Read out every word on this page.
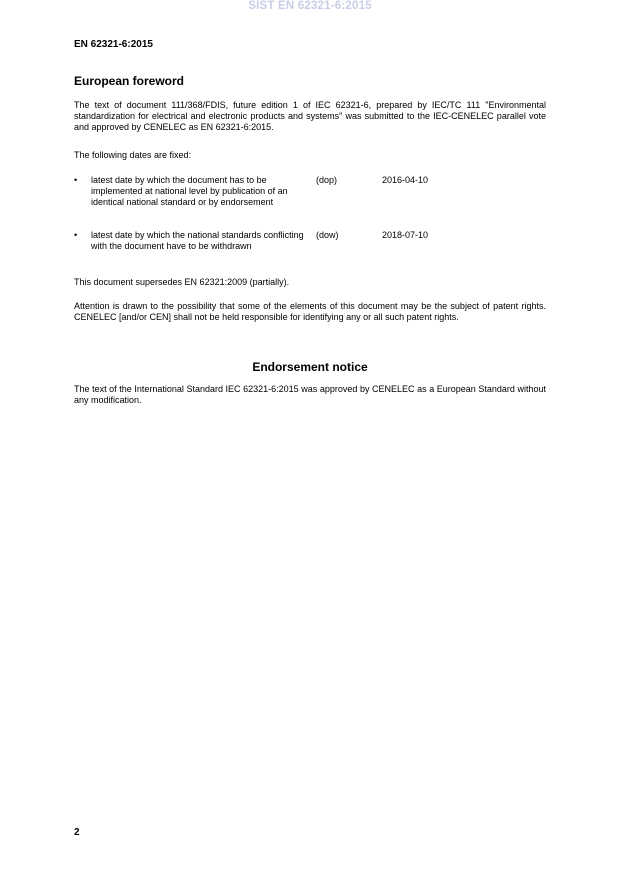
SIST EN 62321-6:2015
EN 62321-6:2015
European foreword
The text of document 111/368/FDIS, future edition 1 of IEC 62321-6, prepared by IEC/TC 111 "Environmental standardization for electrical and electronic products and systems" was submitted to the IEC-CENELEC parallel vote and approved by CENELEC as EN 62321-6:2015.
The following dates are fixed:
• latest date by which the document has to be implemented at national level by publication of an identical national standard or by endorsement
(dop)	2016-04-10
• latest date by which the national standards conflicting with the document have to be withdrawn
(dow)	2018-07-10
This document supersedes EN 62321:2009 (partially).
Attention is drawn to the possibility that some of the elements of this document may be the subject of patent rights. CENELEC [and/or CEN] shall not be held responsible for identifying any or all such patent rights.
Endorsement notice
The text of the International Standard IEC 62321-6:2015 was approved by CENELEC as a European Standard without any modification.
2
